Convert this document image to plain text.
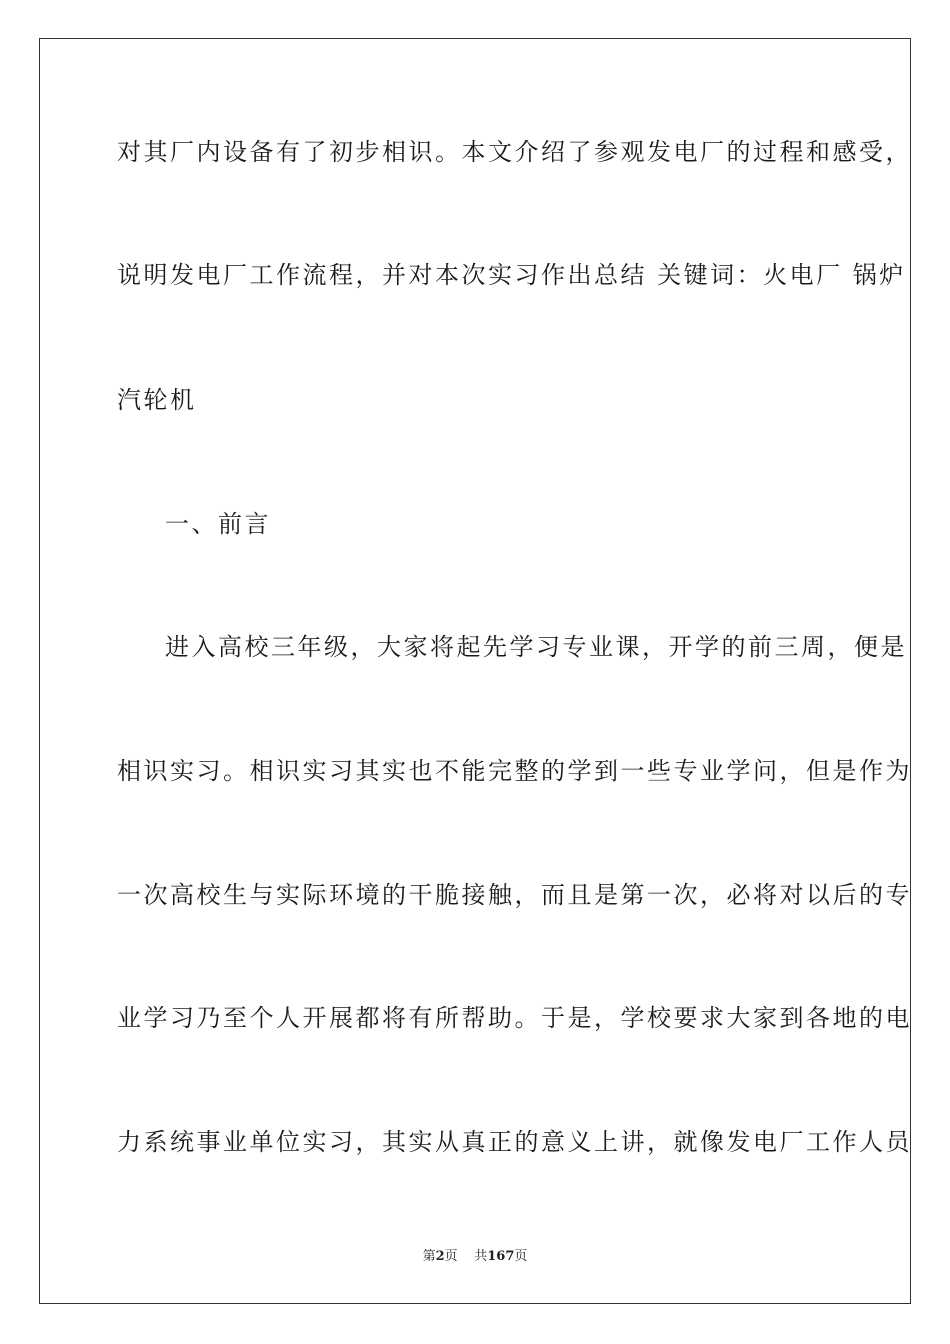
对其厂内设备有了初步相识。本文介绍了参观发电厂的过程和感受，
说明发电厂工作流程，并对本次实习作出总结 关键词：火电厂 锅炉
汽轮机
一、前言
进入高校三年级，大家将起先学习专业课，开学的前三周，便是
相识实习。相识实习其实也不能完整的学到一些专业学问，但是作为
一次高校生与实际环境的干脆接触，而且是第一次，必将对以后的专
业学习乃至个人开展都将有所帮助。于是，学校要求大家到各地的电
力系统事业单位实习，其实从真正的意义上讲，就像发电厂工作人员
第2页 共167页
